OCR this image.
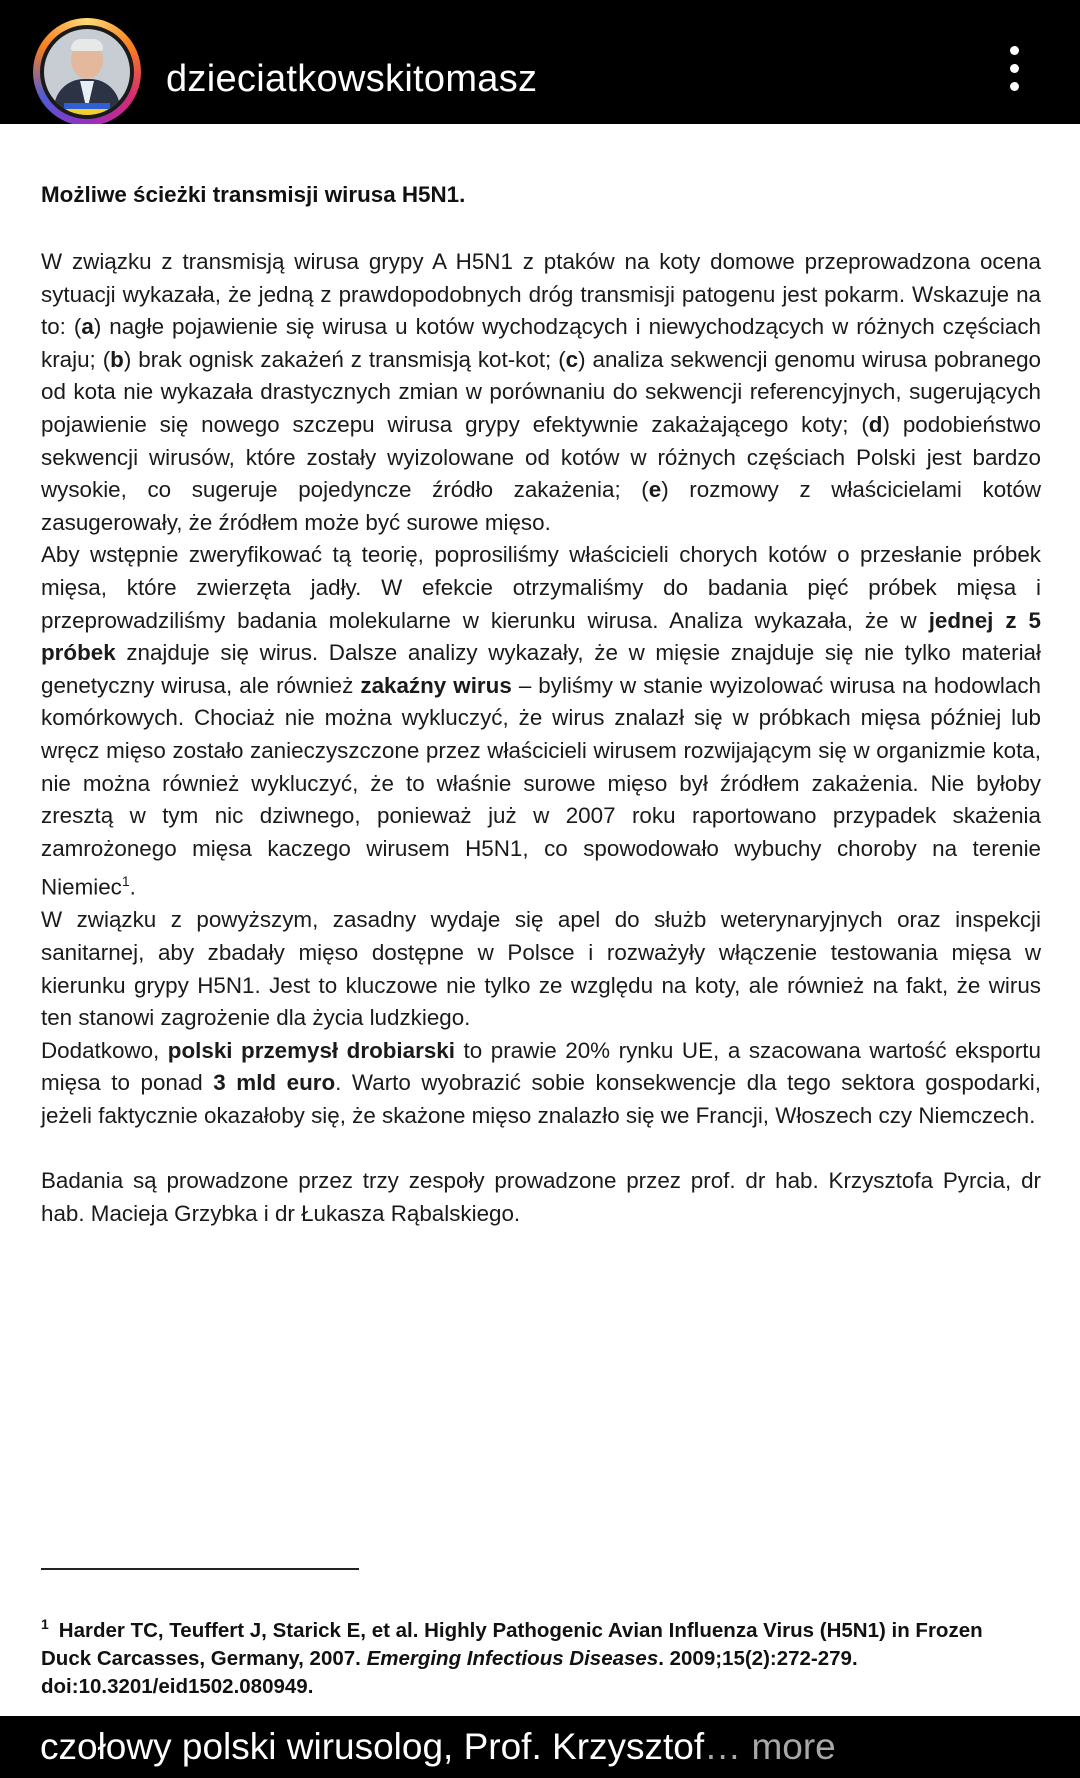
dzieciatkowskitomasz
Możliwe ścieżki transmisji wirusa H5N1.

W związku z transmisją wirusa grypy A H5N1 z ptaków na koty domowe przeprowadzona ocena sytuacji wykazała, że jedną z prawdopodobnych dróg transmisji patogenu jest pokarm. Wskazuje na to: (a) nagłe pojawienie się wirusa u kotów wychodzących i niewychodzących w różnych częściach kraju; (b) brak ognisk zakażeń z transmisją kot-kot; (c) analiza sekwencji genomu wirusa pobranego od kota nie wykazała drastycznych zmian w porównaniu do sekwencji referencyjnych, sugerujących pojawienie się nowego szczepu wirusa grypy efektywnie zakażającego koty; (d) podobieństwo sekwencji wirusów, które zostały wyizolowane od kotów w różnych częściach Polski jest bardzo wysokie, co sugeruje pojedyncze źródło zakażenia; (e) rozmowy z właścicielami kotów zasugerowały, że źródłem może być surowe mięso.

Aby wstępnie zweryfikować tą teorię, poprosiliśmy właścicieli chorych kotów o przesłanie próbek mięsa, które zwierzęta jadły. W efekcie otrzymaliśmy do badania pięć próbek mięsa i przeprowadziliśmy badania molekularne w kierunku wirusa. Analiza wykazała, że w jednej z 5 próbek znajduje się wirus. Dalsze analizy wykazały, że w mięsie znajduje się nie tylko materiał genetyczny wirusa, ale również zakaźny wirus – byliśmy w stanie wyizolować wirusa na hodowlach komórkowych. Chociaż nie można wykluczyć, że wirus znalazł się w próbkach mięsa później lub wręcz mięso zostało zanieczyszczone przez właścicieli wirusem rozwijającym się w organizmie kota, nie można również wykluczyć, że to właśnie surowe mięso był źródłem zakażenia. Nie byłoby zresztą w tym nic dziwnego, ponieważ już w 2007 roku raportowano przypadek skażenia zamrożonego mięsa kaczego wirusem H5N1, co spowodowało wybuchy choroby na terenie Niemiec$^1$.

W związku z powyższym, zasadny wydaje się apel do służb weterynaryjnych oraz inspekcji sanitarnej, aby zbadały mięso dostępne w Polsce i rozważyły włączenie testowania mięsa w kierunku grypy H5N1. Jest to kluczowe nie tylko ze względu na koty, ale również na fakt, że wirus ten stanowi zagrożenie dla życia ludzkiego.

Dodatkowo, polski przemysł drobiarski to prawie 20% rynku UE, a szacowana wartość eksportu mięsa to ponad 3 mld euro. Warto wyobrazić sobie konsekwencje dla tego sektora gospodarki, jeżeli faktycznie okazałoby się, że skażone mięso znalazło się we Francji, Włoszech czy Niemczech.

Badania są prowadzone przez trzy zespoły prowadzone przez prof. dr hab. Krzysztofa Pyrcia, dr hab. Macieja Grzybka i dr Łukasza Rąbalskiego.

$^1$ Harder TC, Teuffert J, Starick E, et al. Highly Pathogenic Avian Influenza Virus (H5N1) in Frozen Duck Carcasses, Germany, 2007. Emerging Infectious Diseases. 2009;15(2):272-279. doi:10.3201/eid1502.080949.
czołowy polski wirusolog, Prof. Krzysztof… more
